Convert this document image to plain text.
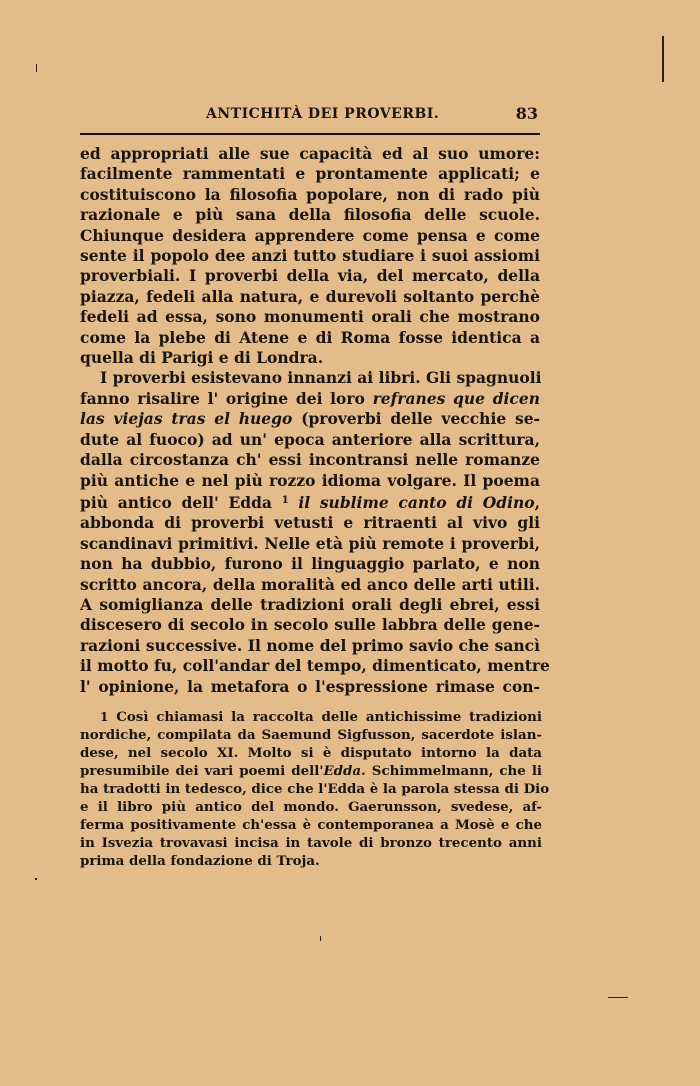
ANTICHITÀ DEI PROVERBI.	83
ed appropriati alle sue capacità ed al suo umore:
facilmente rammentati e prontamente applicati; e
costituiscono la filosofia popolare, non di rado più
razionale e più sana della filosofia delle scuole.
Chiunque desidera apprendere come pensa e come
sente il popolo dee anzi tutto studiare i suoi assiomi
proverbiali. I proverbi della via, del mercato, della
piazza, fedeli alla natura, e durevoli soltanto perchè
fedeli ad essa, sono monumenti orali che mostrano
come la plebe di Atene e di Roma fosse identica a
quella di Parigi e di Londra.
I proverbi esistevano innanzi ai libri. Gli spagnuoli
fanno risalire l' origine dei loro refranes que dicen
las viejas tras el huego (proverbi delle vecchie se-
dute al fuoco) ad un' epoca anteriore alla scrittura,
dalla circostanza ch' essi incontransi nelle romanze
più antiche e nel più rozzo idioma volgare. Il poema
più antico dell' Edda $^1$ il sublime canto di Odino,
abbonda di proverbi vetusti e ritraenti al vivo gli
scandinavi primitivi. Nelle età più remote i proverbi,
non ha dubbio, furono il linguaggio parlato, e non
scritto ancora, della moralità ed anco delle arti utili.
A somiglianza delle tradizioni orali degli ebrei, essi
discesero di secolo in secolo sulle labbra delle gene-
razioni successive. Il nome del primo savio che sancì
il motto fu, coll'andar del tempo, dimenticato, mentre
l' opinione, la metafora o l'espressione rimase con-
1 Così chiamasi la raccolta delle antichissime tradizioni
nordiche, compilata da Saemund Sigfusson, sacerdote islan-
dese, nel secolo XI. Molto si è disputato intorno la data
presumibile dei vari poemi dell'Edda. Schimmelmann, che li
ha tradotti in tedesco, dice che l'Edda è la parola stessa di Dio
e il libro più antico del mondo. Gaerunsson, svedese, af-
ferma positivamente ch'essa è contemporanea a Mosè e che
in Isvezia trovavasi incisa in tavole di bronzo trecento anni
prima della fondazione di Troja.
